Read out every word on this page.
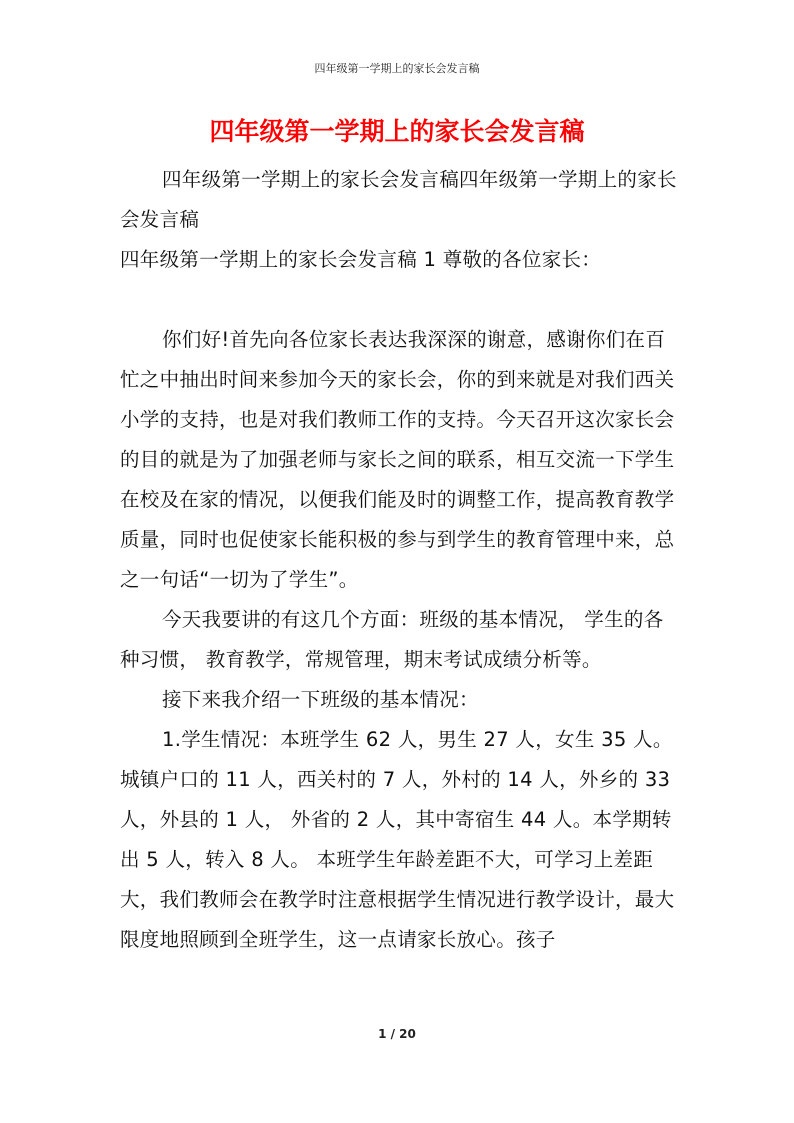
四年级第一学期上的家长会发言稿
四年级第一学期上的家长会发言稿

四年级第一学期上的家长会发言稿四年级第一学期上的家长会发言稿

四年级第一学期上的家长会发言稿 1 尊敬的各位家长：

你们好!首先向各位家长表达我深深的谢意，感谢你们在百忙之中抽出时间来参加今天的家长会，你的到来就是对我们西关小学的支持，也是对我们教师工作的支持。今天召开这次家长会的目的就是为了加强老师与家长之间的联系，相互交流一下学生在校及在家的情况，以便我们能及时的调整工作，提高教育教学质量，同时也促使家长能积极的参与到学生的教育管理中来，总之一句话“一切为了学生”。

今天我要讲的有这几个方面：班级的基本情况， 学生的各种习惯， 教育教学，常规管理，期末考试成绩分析等。

接下来我介绍一下班级的基本情况：

1.学生情况：本班学生 62 人，男生 27 人，女生 35 人。城镇户口的 11 人，西关村的 7 人，外村的 14 人，外乡的 33 人，外县的 1 人， 外省的 2 人，其中寄宿生 44 人。本学期转出 5 人，转入 8 人。 本班学生年龄差距不大，可学习上差距大，我们教师会在教学时注意根据学生情况进行教学设计，最大限度地照顾到全班学生，这一点请家长放心。孩子

1 / 20
